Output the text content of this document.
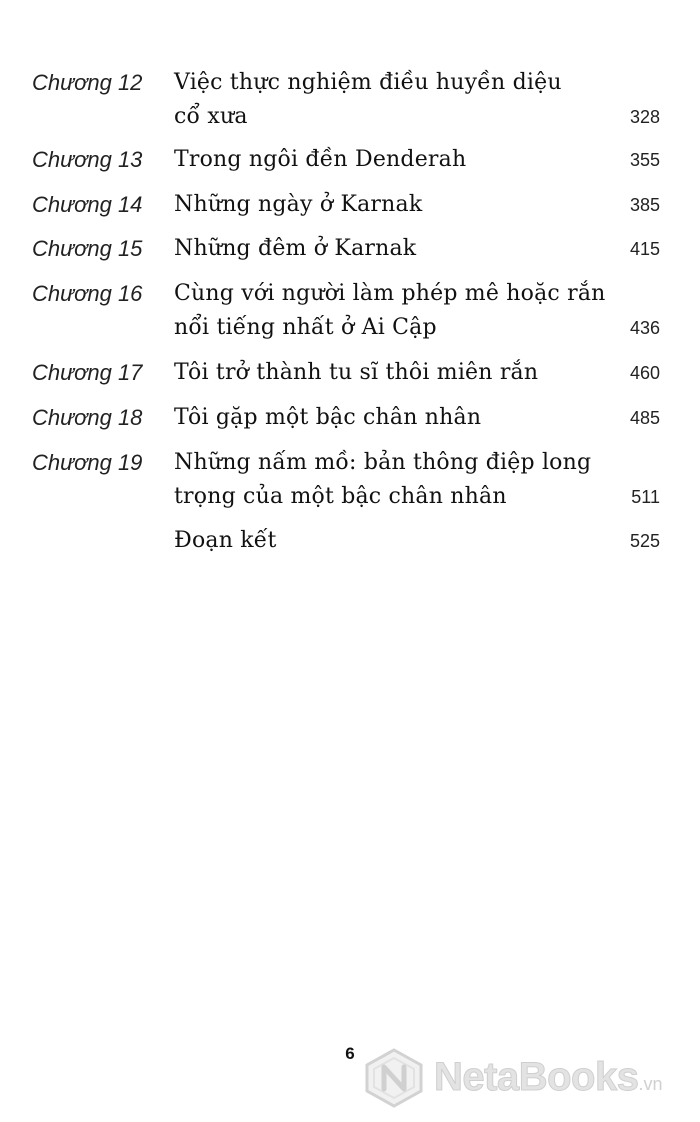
Chương 12 Việc thực nghiệm điều huyền diệu
cổ xưa	328
Chương 13 Trong ngôi đền Denderah	355
Chương 14 Những ngày ở Karnak	385
Chương 15 Những đêm ở Karnak	415
Chương 16 Cùng với người làm phép mê hoặc rắn
nổi tiếng nhất ở Ai Cập	436
Chương 17 Tôi trở thành tu sĩ thôi miên rắn	460
Chương 18 Tôi gặp một bậc chân nhân	485
Chương 19 Những nấm mồ: bản thông điệp long
trọng của một bậc chân nhân	511
Đoạn kết	525
6
NetaBooks.vn
